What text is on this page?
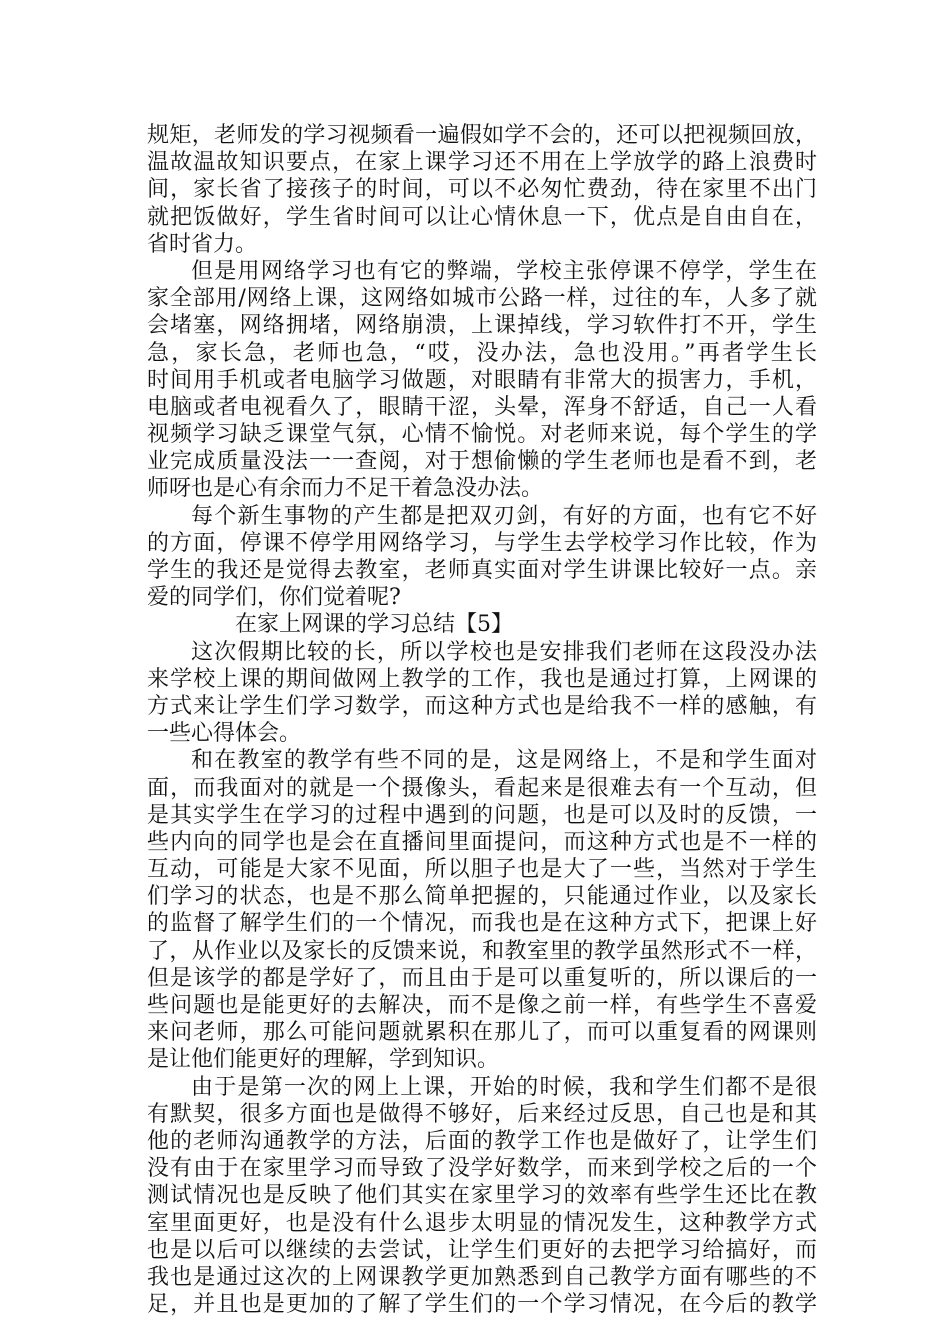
规矩，老师发的学习视频看一遍假如学不会的，还可以把视频回放，
温故温故知识要点，在家上课学习还不用在上学放学的路上浪费时
间，家长省了接孩子的时间，可以不必匆忙费劲，待在家里不出门
就把饭做好，学生省时间可以让心情休息一下，优点是自由自在，
省时省力。
但是用网络学习也有它的弊端，学校主张停课不停学，学生在
家全部用/网络上课，这网络如城市公路一样，过往的车，人多了就
会堵塞，网络拥堵，网络崩溃，上课掉线，学习软件打不开，学生
急，家长急，老师也急，“哎，没办法，急也没用。”再者学生长
时间用手机或者电脑学习做题，对眼睛有非常大的损害力，手机，
电脑或者电视看久了，眼睛干涩，头晕，浑身不舒适，自己一人看
视频学习缺乏课堂气氛，心情不愉悦。对老师来说，每个学生的学
业完成质量没法一一查阅，对于想偷懒的学生老师也是看不到，老
师呀也是心有余而力不足干着急没办法。
每个新生事物的产生都是把双刃剑，有好的方面，也有它不好
的方面，停课不停学用网络学习，与学生去学校学习作比较，作为
学生的我还是觉得去教室，老师真实面对学生讲课比较好一点。亲
爱的同学们，你们觉着呢?
在家上网课的学习总结【5】
这次假期比较的长，所以学校也是安排我们老师在这段没办法
来学校上课的期间做网上教学的工作，我也是通过打算，上网课的
方式来让学生们学习数学，而这种方式也是给我不一样的感触，有
一些心得体会。
和在教室的教学有些不同的是，这是网络上，不是和学生面对
面，而我面对的就是一个摄像头，看起来是很难去有一个互动，但
是其实学生在学习的过程中遇到的问题，也是可以及时的反馈，一
些内向的同学也是会在直播间里面提问，而这种方式也是不一样的
互动，可能是大家不见面，所以胆子也是大了一些，当然对于学生
们学习的状态，也是不那么简单把握的，只能通过作业，以及家长
的监督了解学生们的一个情况，而我也是在这种方式下，把课上好
了，从作业以及家长的反馈来说，和教室里的教学虽然形式不一样，
但是该学的都是学好了，而且由于是可以重复听的，所以课后的一
些问题也是能更好的去解决，而不是像之前一样，有些学生不喜爱
来问老师，那么可能问题就累积在那儿了，而可以重复看的网课则
是让他们能更好的理解，学到知识。
由于是第一次的网上上课，开始的时候，我和学生们都不是很
有默契，很多方面也是做得不够好，后来经过反思，自己也是和其
他的老师沟通教学的方法，后面的教学工作也是做好了，让学生们
没有由于在家里学习而导致了没学好数学，而来到学校之后的一个
测试情况也是反映了他们其实在家里学习的效率有些学生还比在教
室里面更好，也是没有什么退步太明显的情况发生，这种教学方式
也是以后可以继续的去尝试，让学生们更好的去把学习给搞好，而
我也是通过这次的上网课教学更加熟悉到自己教学方面有哪些的不
足，并且也是更加的了解了学生们的一个学习情况，在今后的教学
